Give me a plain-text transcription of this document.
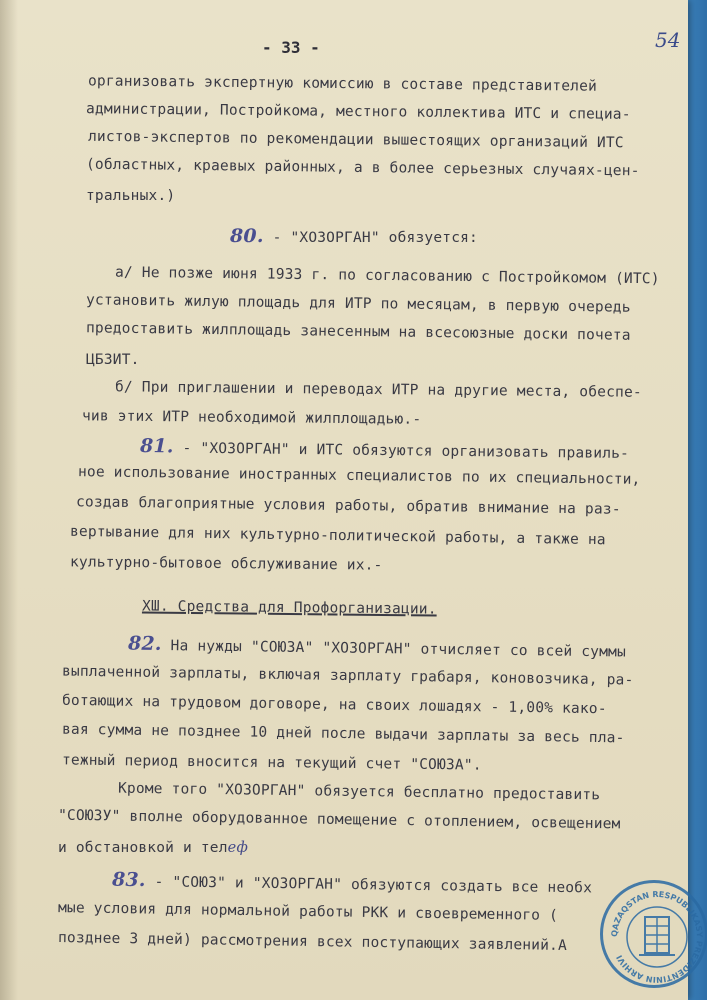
- 33 -	54
организовать экспертную комиссию в составе представителей
администрации, Постройкома, местного коллектива ИТС и специа-
листов-экспертов по рекомендации вышестоящих организаций ИТС
(областных, краевых районных, а в более серьезных случаях-цен-
тральных.)
80. - "ХОЗОРГАН" обязуется:
а/ Не позже июня 1933 г. по согласованию с Постройкомом (ИТС)
установить жилую площадь для ИТР по месяцам, в первую очередь
предоставить жилплощадь занесенным на всесоюзные доски почета
ЦБЗИТ.
б/ При приглашении и переводах ИТР на другие места, обеспе-
чив этих ИТР необходимой жилплощадью.-
81. - "ХОЗОРГАН" и ИТС обязуются организовать правиль-
ное использование иностранных специалистов по их специальности,
создав благоприятные условия работы, обратив внимание на раз-
вертывание для них культурно-политической работы, а также на
культурно-бытовое обслуживание их.-
ХШ. Средства для Профорганизации.
82. На нужды "СОЮЗА" "ХОЗОРГАН" отчисляет со всей суммы
выплаченной зарплаты, включая зарплату грабаря, коновозчика, ра-
ботающих на трудовом договоре, на своих лошадях - 1,00% како-
вая сумма не позднее 10 дней после выдачи зарплаты за весь пла-
тежный период вносится на текущий счет "СОЮЗА".
Кроме того "ХОЗОРГАН" обязуется бесплатно предоставить
"СОЮЗУ" вполне оборудованное помещение с отоплением, освещением
и обстановкой и телеф
83. - "СОЮЗ" и "ХОЗОРГАН" обязуются создать все необх
мые условия для нормальной работы РКК и своевременного (
позднее 3 дней) рассмотрения всех поступающих заявлений.А	QAZAQSTAN RESPUBLIKASY PREZIDENTININ ARHIVI
